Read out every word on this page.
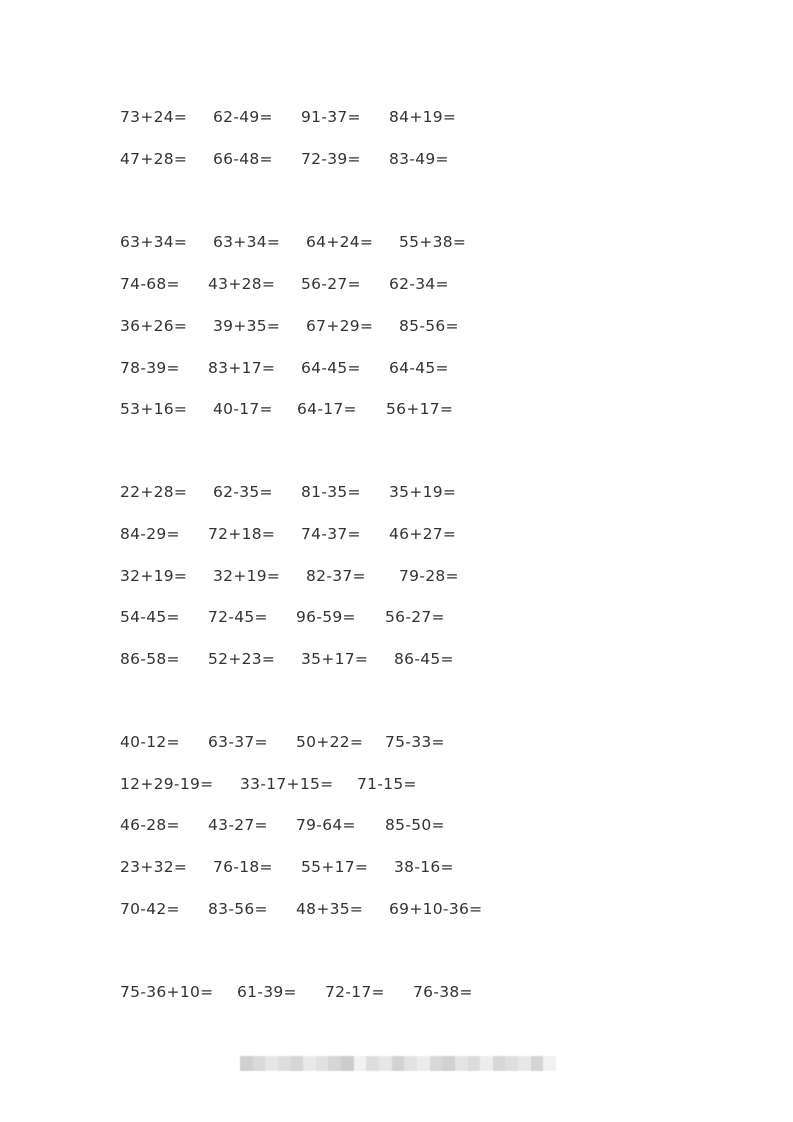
73+24= 62-49= 91-37= 84+19=
47+28= 66-48= 72-39= 83-49=
63+34= 63+34= 64+24= 55+38=
74-68= 43+28= 56-27= 62-34=
36+26= 39+35= 67+29= 85-56=
78-39= 83+17= 64-45= 64-45=
53+16= 40-17= 64-17= 56+17=
22+28= 62-35= 81-35= 35+19=
84-29= 72+18= 74-37= 46+27=
32+19= 32+19= 82-37= 79-28=
54-45= 72-45= 96-59= 56-27=
86-58= 52+23= 35+17= 86-45=
40-12= 63-37= 50+22= 75-33=
12+29-19= 33-17+15= 71-15=
46-28= 43-27= 79-64= 85-50=
23+32= 76-18= 55+17= 38-16=
70-42= 83-56= 48+35= 69+10-36=
75-36+10= 61-39= 72-17= 76-38=
